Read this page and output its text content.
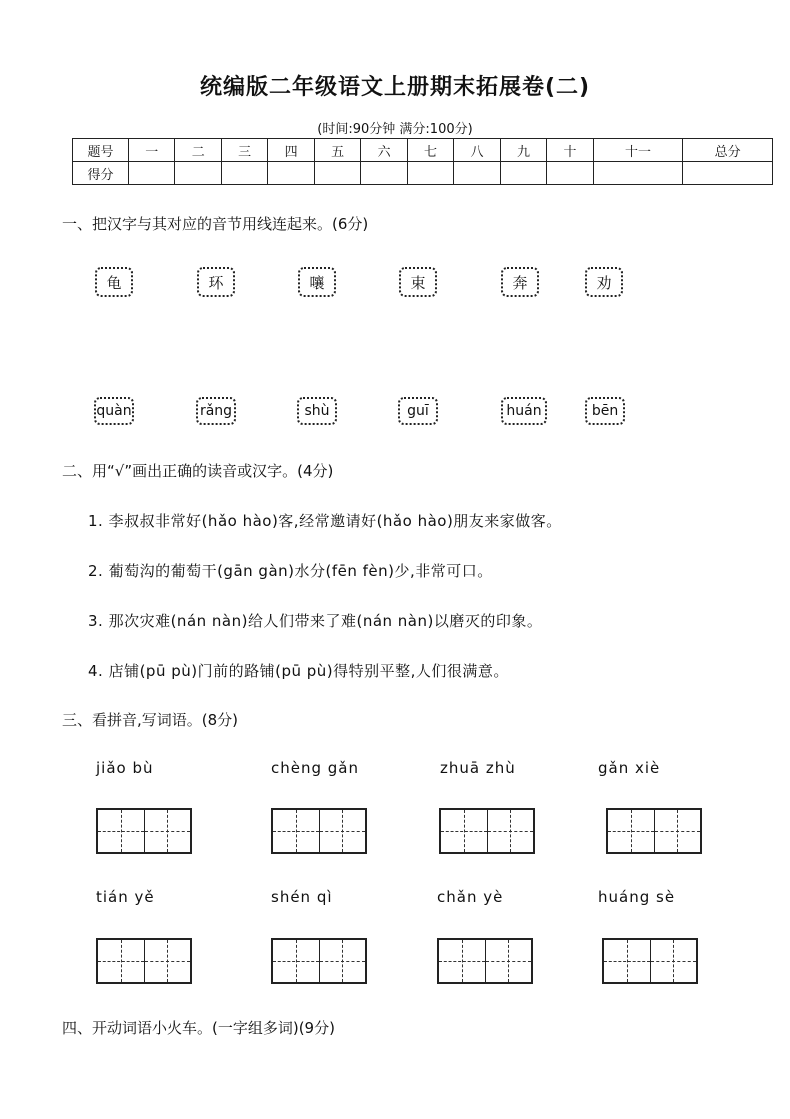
统编版二年级语文上册期末拓展卷(二)
(时间:90分钟 满分:100分)
题号	一	二	三	四	五	六	七	八	九	十	十一	总分
得分												
一、把汉字与其对应的音节用线连起来。(6分)
龟	环	嚷	束	奔	劝
quàn	rǎng	shù	guī	huán	bēn
二、用“√”画出正确的读音或汉字。(4分)
1. 李叔叔非常好(hǎo hào)客,经常邀请好(hǎo hào)朋友来家做客。
2. 葡萄沟的葡萄干(gān gàn)水分(fēn fèn)少,非常可口。
3. 那次灾难(nán nàn)给人们带来了难(nán nàn)以磨灭的印象。
4. 店铺(pū pù)门前的路铺(pū pù)得特别平整,人们很满意。
三、看拼音,写词语。(8分)
jiǎo bù	chèng gǎn	zhuā zhù	gǎn xiè
tián yě	shén qì	chǎn yè	huáng sè
四、开动词语小火车。(一字组多词)(9分)
